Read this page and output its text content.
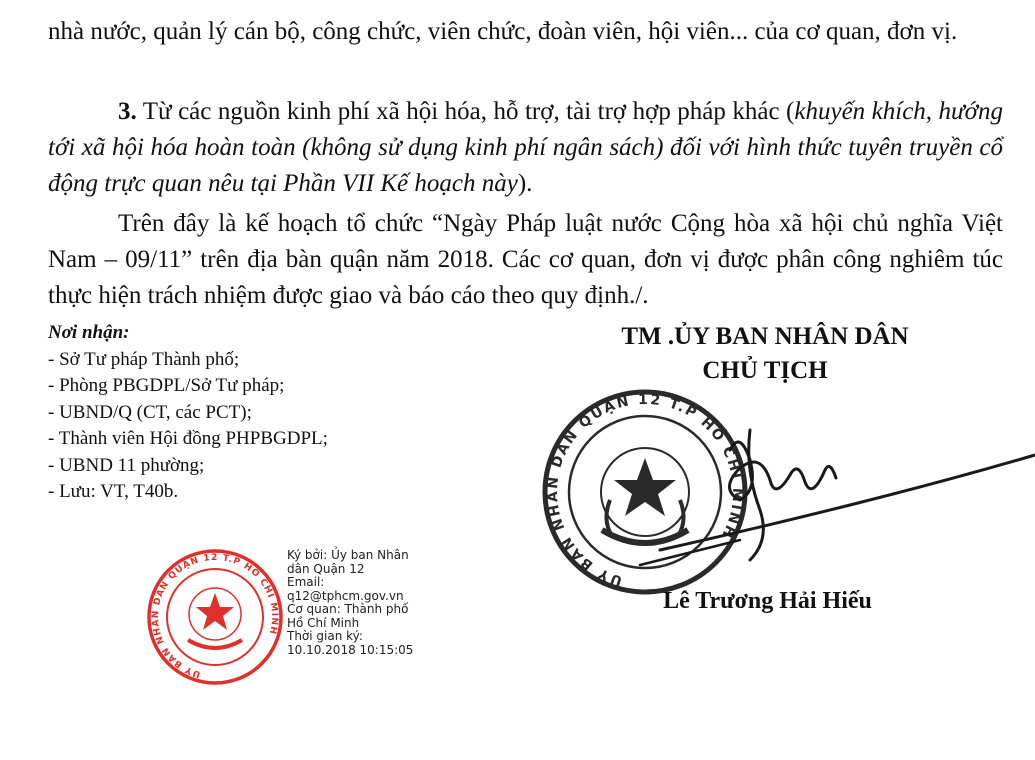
nhà nước, quản lý cán bộ, công chức, viên chức, đoàn viên, hội viên... của cơ quan, đơn vị.

3. Từ các nguồn kinh phí xã hội hóa, hỗ trợ, tài trợ hợp pháp khác (khuyến khích, hướng tới xã hội hóa hoàn toàn (không sử dụng kinh phí ngân sách) đối với hình thức tuyên truyền cổ động trực quan nêu tại Phần VII Kế hoạch này).

Trên đây là kế hoạch tổ chức “Ngày Pháp luật nước Cộng hòa xã hội chủ nghĩa Việt Nam – 09/11” trên địa bàn quận năm 2018. Các cơ quan, đơn vị được phân công nghiêm túc thực hiện trách nhiệm được giao và báo cáo theo quy định./.

Nơi nhận:
- Sở Tư pháp Thành phố;
- Phòng PBGDPL/Sở Tư pháp;
- UBND/Q (CT, các PCT);
- Thành viên Hội đồng PHPBGDPL;
- UBND 11 phường;
- Lưu: VT, T40b.
ỦY BAN NHÂN DÂN QUẬN 12 T.P HỒ CHÍ MINH
TM .ỦY BAN NHÂN DÂN
CHỦ TỊCH
Lê Trương Hải Hiếu
ỦY BAN NHÂN DÂN QUẬN 12 T.P HỒ CHÍ MINH
Ký bởi: Ủy ban Nhân
dân Quận 12
Email:
q12@tphcm.gov.vn
Cơ quan: Thành phố
Hồ Chí Minh
Thời gian ký:
10.10.2018 10:15:05
